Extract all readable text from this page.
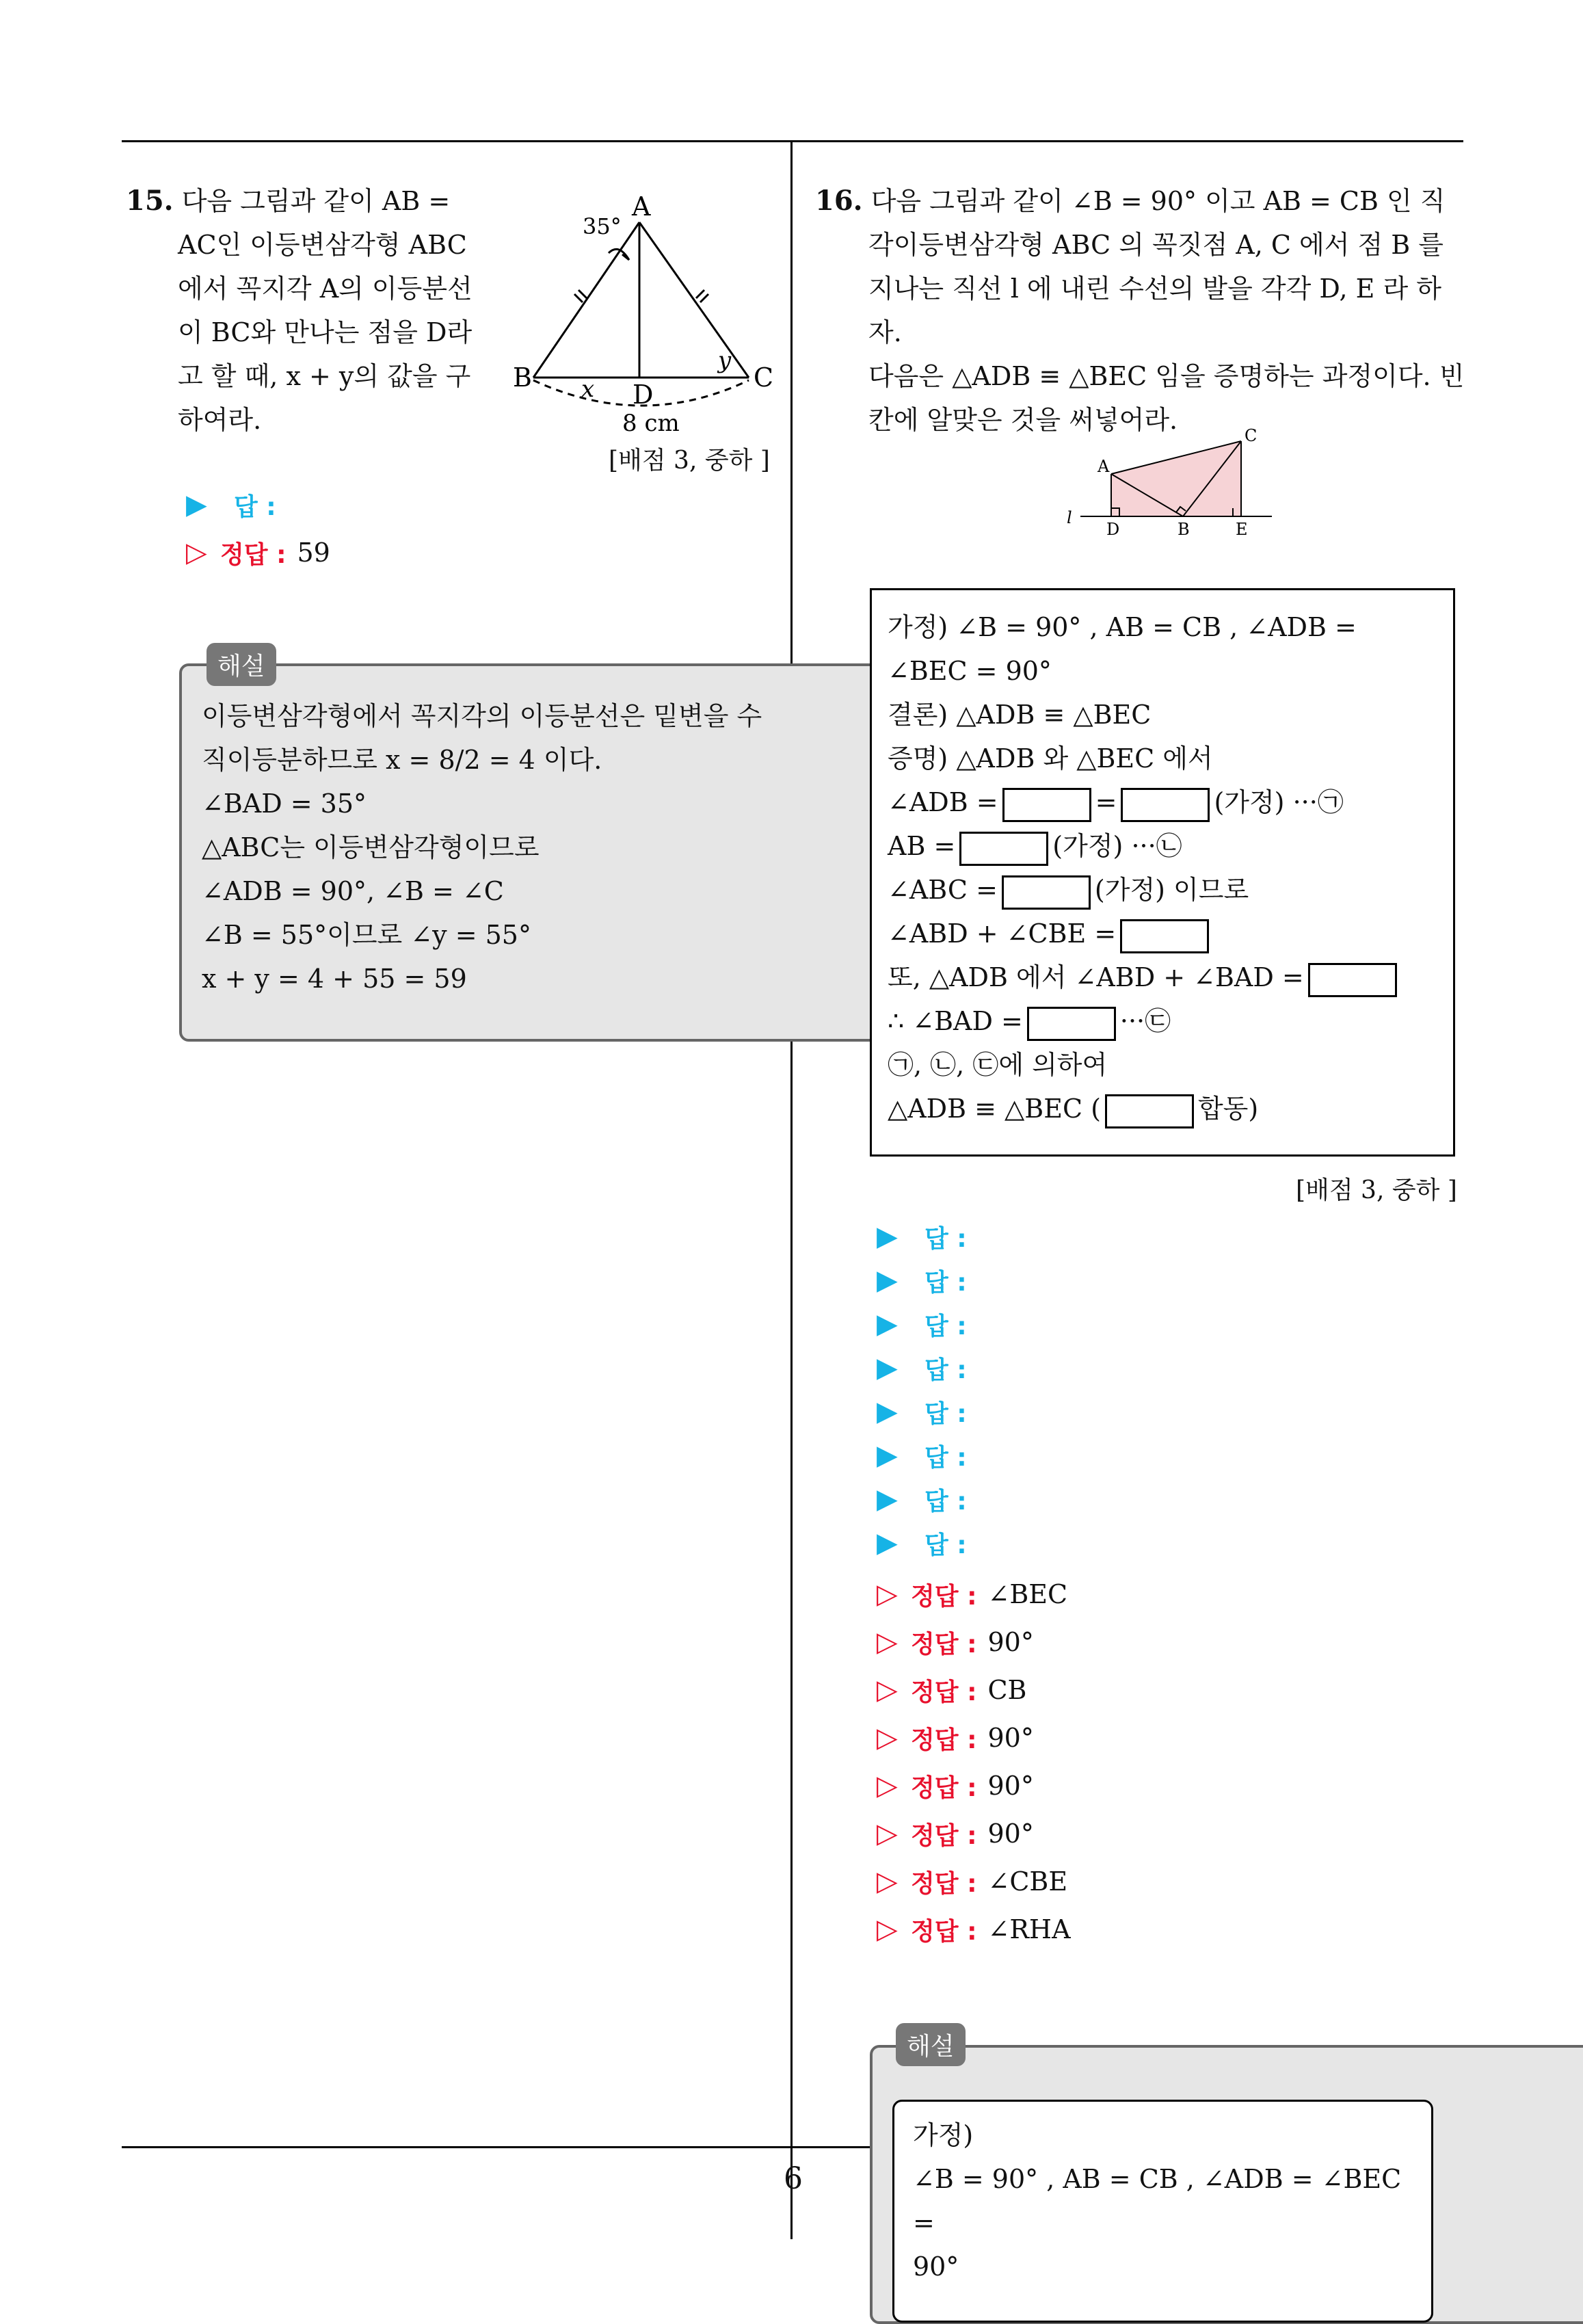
6
15. 다음 그림과 같이 AB =
AC인 이등변삼각형 ABC
에서 꼭지각 A의 이등분선
이 BC와 만나는 점을 D라
고 할 때, x + y의 값을 구
하여라.
A
35°
B	C
D
x
y
8 cm
[배점 3, 중하 ]
▶	답 :
▷ 정답 : 59
해설
이등변삼각형에서 꼭지각의 이등분선은 밑변을 수
직이등분하므로 x = 8/2 = 4 이다.
∠BAD = 35°
△ABC는 이등변삼각형이므로
∠ADB = 90°, ∠B = ∠C
∠B = 55°이므로 ∠y = 55°
x + y = 4 + 55 = 59
16. 다음 그림과 같이 ∠B = 90° 이고 AB = CB 인 직
각이등변삼각형 ABC 의 꼭짓점 A, C 에서 점 B 를
지나는 직선 l 에 내린 수선의 발을 각각 D, E 라 하자.
다음은 △ADB ≡ △BEC 임을 증명하는 과정이다. 빈
칸에 알맞은 것을 써넣어라.
A
C
D	B	E
l
가정) ∠B = 90° , AB = CB , ∠ADB =
∠BEC = 90°
결론) △ADB ≡ △BEC
증명) △ADB 와 △BEC 에서
∠ADB =	=	(가정) ···㉠
AB =	(가정) ···㉡
∠ABC =	(가정) 이므로
∠ABD + ∠CBE =
또, △ADB 에서 ∠ABD + ∠BAD =
∴ ∠BAD =	···㉢
㉠, ㉡, ㉢에 의하여
△ADB ≡ △BEC (	합동)
[배점 3, 중하 ]
▶	답 :
▶	답 :
▶	답 :
▶	답 :
▶	답 :
▶	답 :
▶	답 :
▶	답 :
▷ 정답 : ∠BEC
▷ 정답 : 90°
▷ 정답 : CB
▷ 정답 : 90°
▷ 정답 : 90°
▷ 정답 : 90°
▷ 정답 : ∠CBE
▷ 정답 : ∠RHA
해설
가정)
∠B = 90° , AB = CB , ∠ADB = ∠BEC =
90°
